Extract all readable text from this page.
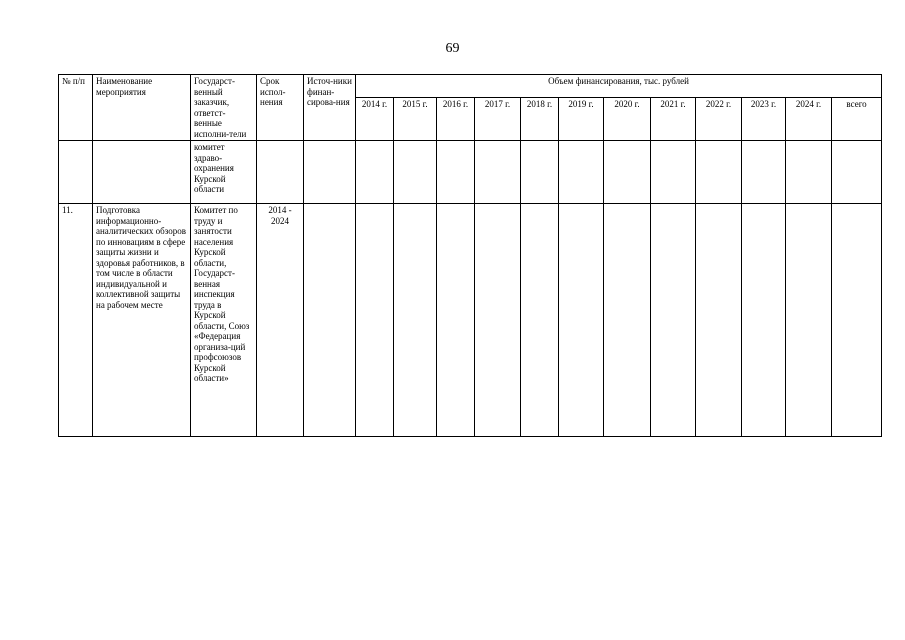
69
№ п/п	Наименование мероприятия	Государст-венный заказчик, ответст-венные исполни-тели	Срок испол-нения	Источ-ники финан-сирова-ния	Объем финансирования, тыс. рублей											
					2014 г.	2015 г.	2016 г.	2017 г.	2018 г.	2019 г.	2020 г.	2021 г.	2022 г.	2023 г.	2024 г.	всего
		комитет здраво-охранения Курской области														
11.	Подготовка информационно-аналитических обзоров по инновациям в сфере защиты жизни и здоровья работников, в том числе в области индивидуальной и коллективной защиты на рабочем месте	Комитет по труду и занятости населения Курской области, Государст-венная инспекция труда в Курской области, Союз «Федерация организа-ций профсоюзов Курской области»	2014 - 2024													
